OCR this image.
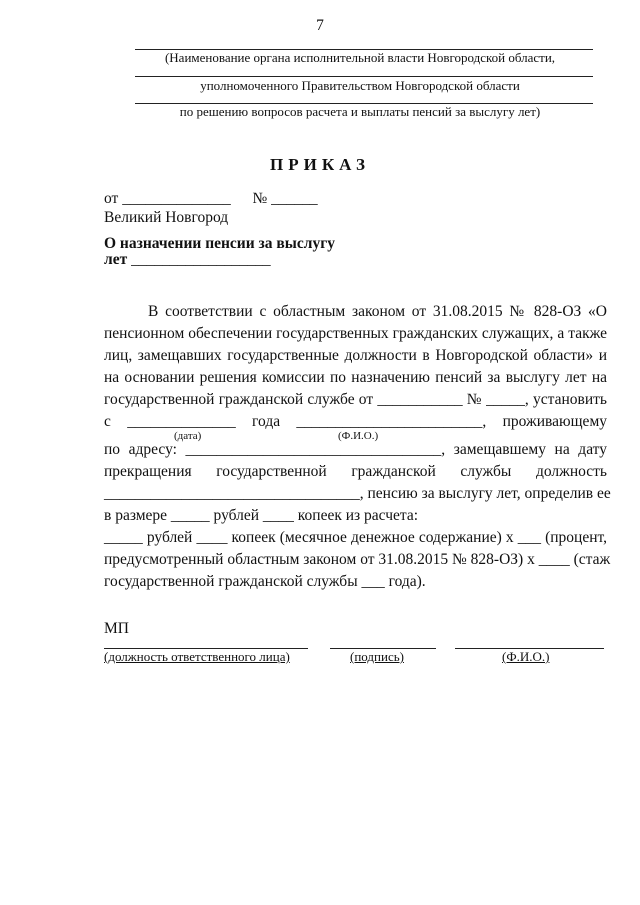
7
(Наименование органа исполнительной власти Новгородской области,
уполномоченного Правительством Новгородской области
по решению вопросов расчета и выплаты пенсий за выслугу лет)
ПРИКАЗ
от ______________ № ______
Великий Новгород
О назначении пенсии за выслугу
лет __________________
В соответствии с областным законом от 31.08.2015 № 828-ОЗ «О
пенсионном обеспечении государственных гражданских служащих, а также
лиц, замещавших государственные должности в Новгородской области» и
на основании решения комиссии по назначению пенсий за выслугу лет на
государственной гражданской службе от ___________ № _____, установить
с ______________ года ________________________, проживающему
(дата)	(Ф.И.О.)
по адресу: _________________________________, замещавшему на дату
прекращения государственной гражданской службы должность
_________________________________, пенсию за выслугу лет, определив ее
в размере _____ рублей ____ копеек из расчета:
_____ рублей ____ копеек (месячное денежное содержание) х ___ (процент,
предусмотренный областным законом от 31.08.2015 № 828-ОЗ) х ____ (стаж
государственной гражданской службы ___ года).
МП
(должность ответственного лица)	(подпись)	(Ф.И.О.)
